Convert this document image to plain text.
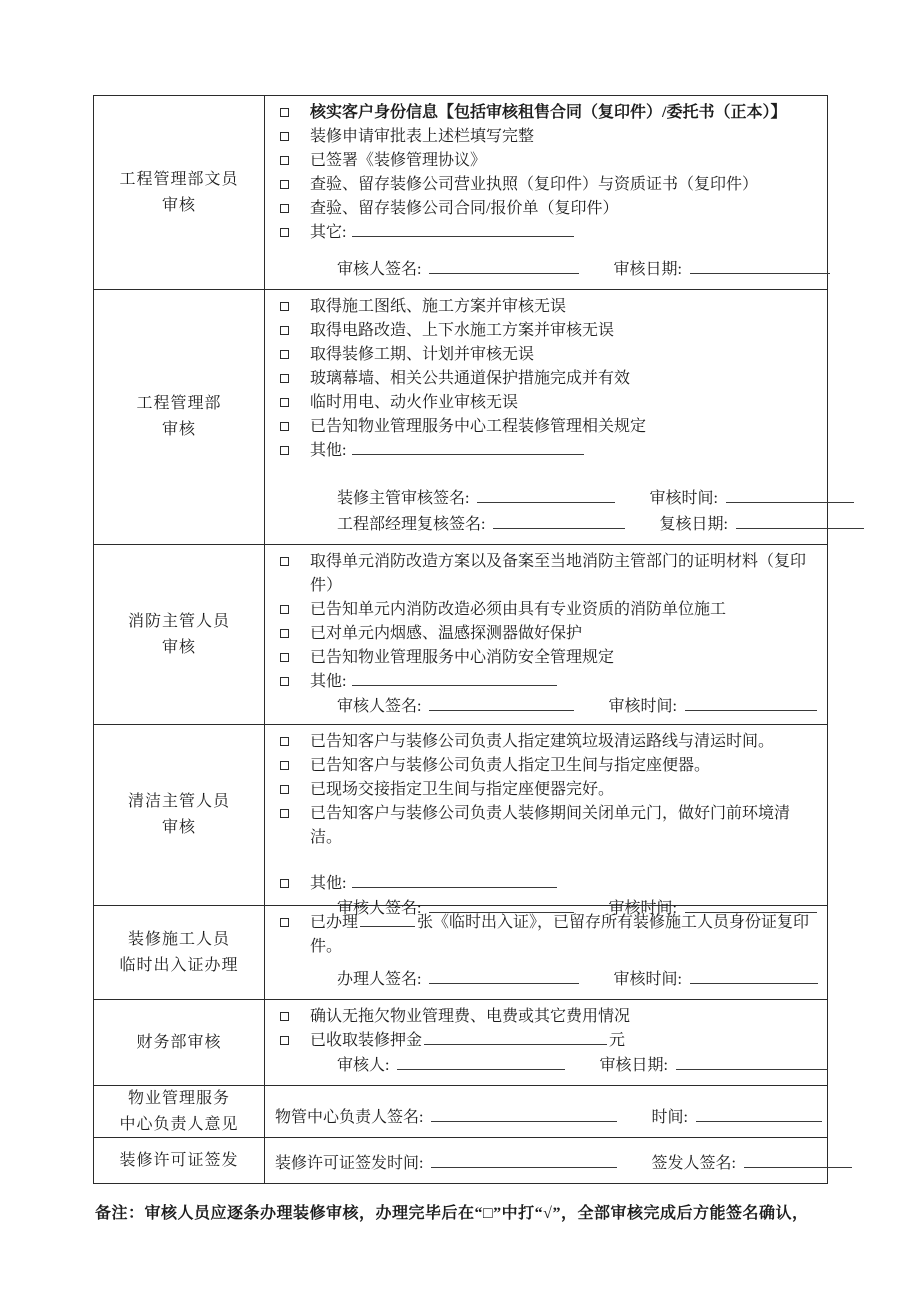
工程管理部文员
审核
核实客户身份信息【包括审核租售合同（复印件）/委托书（正本）】
装修申请审批表上述栏填写完整
已签署《装修管理协议》
查验、留存装修公司营业执照（复印件）与资质证书（复印件）
查验、留存装修公司合同/报价单（复印件）
其它:
审核人签名:	审核日期:
工程管理部
审核
取得施工图纸、施工方案并审核无误
取得电路改造、上下水施工方案并审核无误
取得装修工期、计划并审核无误
玻璃幕墙、相关公共通道保护措施完成并有效
临时用电、动火作业审核无误
已告知物业管理服务中心工程装修管理相关规定
其他:
装修主管审核签名:	审核时间:
工程部经理复核签名:	复核日期:
消防主管人员
审核
取得单元消防改造方案以及备案至当地消防主管部门的证明材料（复印件）
已告知单元内消防改造必须由具有专业资质的消防单位施工
已对单元内烟感、温感探测器做好保护
已告知物业管理服务中心消防安全管理规定
其他:
审核人签名:	审核时间:
清洁主管人员
审核
已告知客户与装修公司负责人指定建筑垃圾清运路线与清运时间。
已告知客户与装修公司负责人指定卫生间与指定座便器。
已现场交接指定卫生间与指定座便器完好。
已告知客户与装修公司负责人装修期间关闭单元门，做好门前环境清洁。
其他:
审核人签名:	审核时间:
装修施工人员
临时出入证办理
已办理	张《临时出入证》，已留存所有装修施工人员身份证复印件。
办理人签名:	审核时间:
财务部审核
确认无拖欠物业管理费、电费或其它费用情况
已收取装修押金	元
审核人:	审核日期:
物业管理服务
中心负责人意见 物管中心负责人签名:	时间:
装修许可证签发 装修许可证签发时间:	签发人签名:
备注：审核人员应逐条办理装修审核，办理完毕后在“□”中打“√”，全部审核完成后方能签名确认，
